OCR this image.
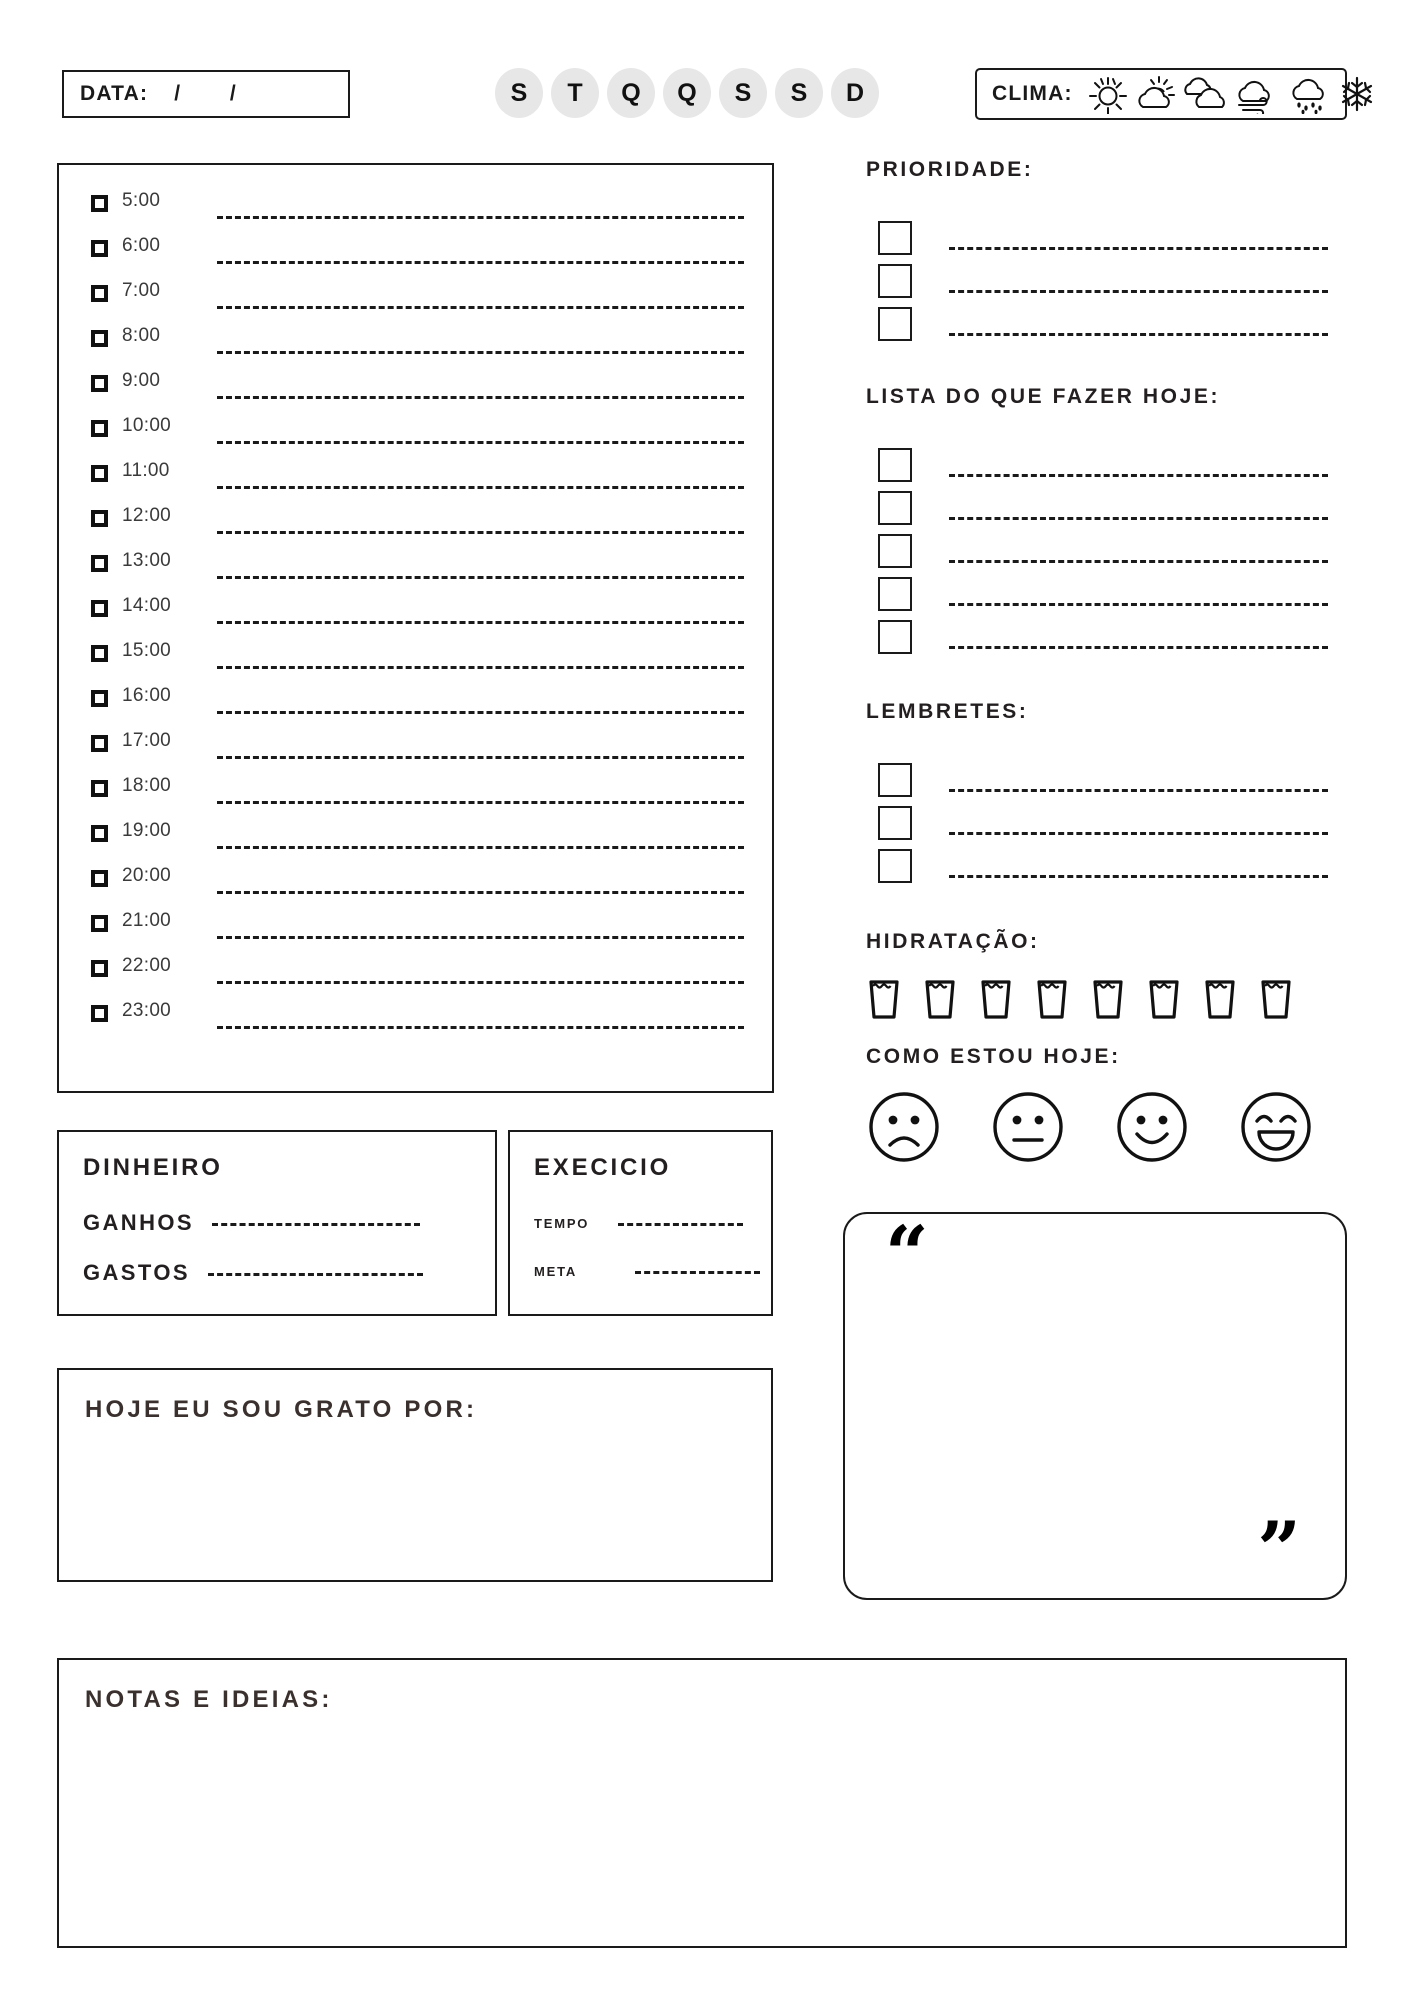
DATA: / /	S	T	Q	Q	S	S	D	CLIMA:
5:00
6:00
7:00
8:00
9:00
10:00
11:00
12:00
13:00
14:00
15:00
16:00
17:00
18:00
19:00
20:00
21:00
22:00
23:00
PRIORIDADE:
LISTA DO QUE FAZER HOJE:
LEMBRETES:
HIDRATAÇÃO:
COMO ESTOU HOJE:
“
”
DINHEIRO
GANHOS
GASTOS
EXECICIO
TEMPO
META
HOJE EU SOU GRATO POR:
NOTAS E IDEIAS:
